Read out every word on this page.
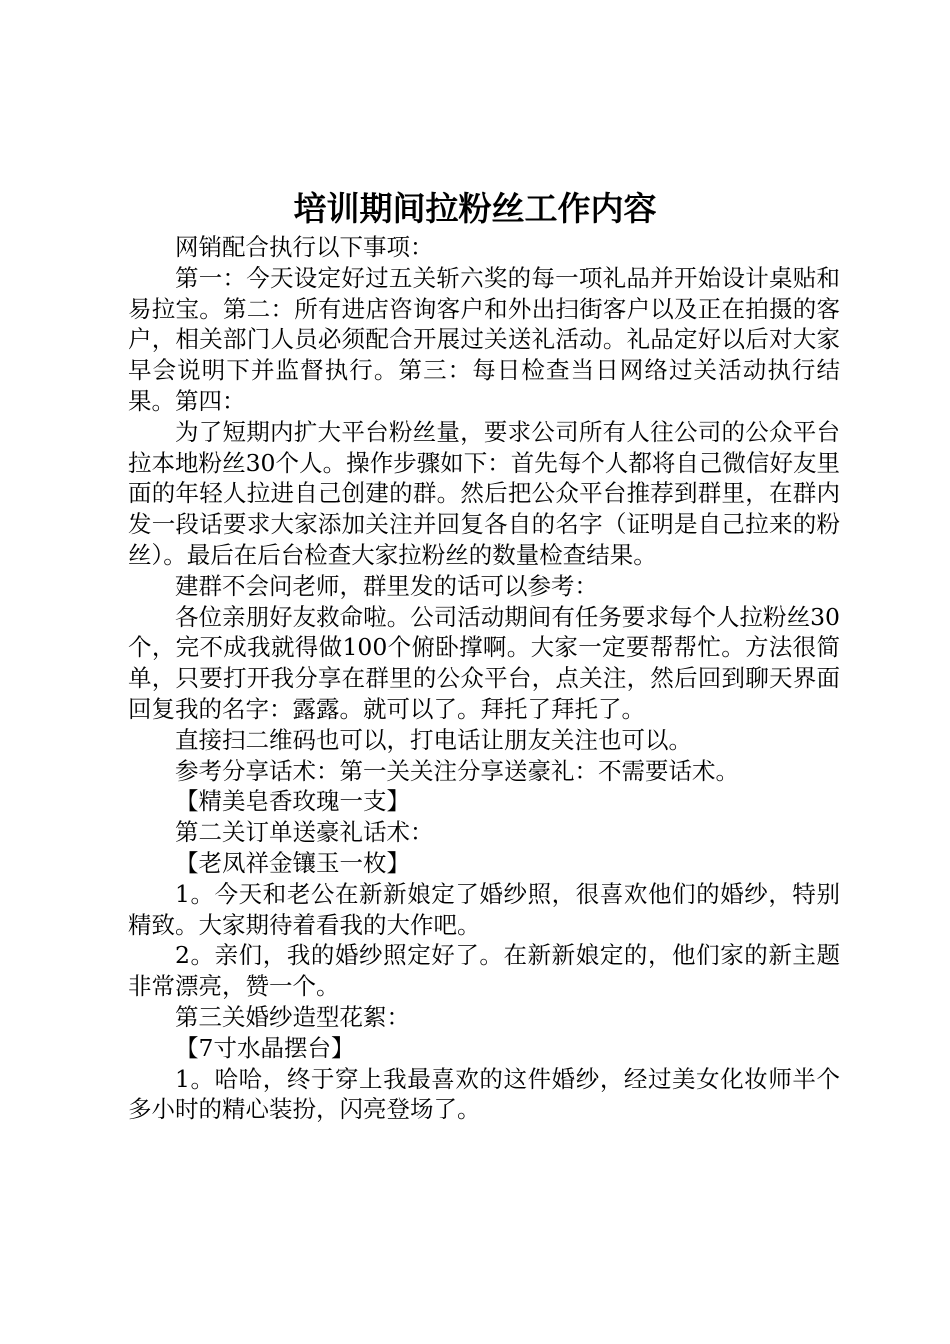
培训期间拉粉丝工作内容

网销配合执行以下事项：

第一：今天设定好过五关斩六奖的每一项礼品并开始设计桌贴和易拉宝。第二：所有进店咨询客户和外出扫街客户以及正在拍摄的客户，相关部门人员必须配合开展过关送礼活动。礼品定好以后对大家早会说明下并监督执行。第三：每日检查当日网络过关活动执行结果。第四：

为了短期内扩大平台粉丝量，要求公司所有人往公司的公众平台拉本地粉丝30个人。操作步骤如下：首先每个人都将自己微信好友里面的年轻人拉进自己创建的群。然后把公众平台推荐到群里，在群内发一段话要求大家添加关注并回复各自的名字（证明是自己拉来的粉丝）。最后在后台检查大家拉粉丝的数量检查结果。

建群不会问老师，群里发的话可以参考：

各位亲朋好友救命啦。公司活动期间有任务要求每个人拉粉丝30个，完不成我就得做100个俯卧撑啊。大家一定要帮帮忙。方法很简单，只要打开我分享在群里的公众平台，点关注，然后回到聊天界面回复我的名字：露露。就可以了。拜托了拜托了。

直接扫二维码也可以，打电话让朋友关注也可以。

参考分享话术：第一关关注分享送豪礼：不需要话术。

【精美皂香玫瑰一支】

第二关订单送豪礼话术：

【老凤祥金镶玉一枚】

1。今天和老公在新新娘定了婚纱照，很喜欢他们的婚纱，特别精致。大家期待着看我的大作吧。

2。亲们，我的婚纱照定好了。在新新娘定的，他们家的新主题非常漂亮，赞一个。

第三关婚纱造型花絮：

【7寸水晶摆台】

1。哈哈，终于穿上我最喜欢的这件婚纱，经过美女化妆师半个多小时的精心装扮，闪亮登场了。
